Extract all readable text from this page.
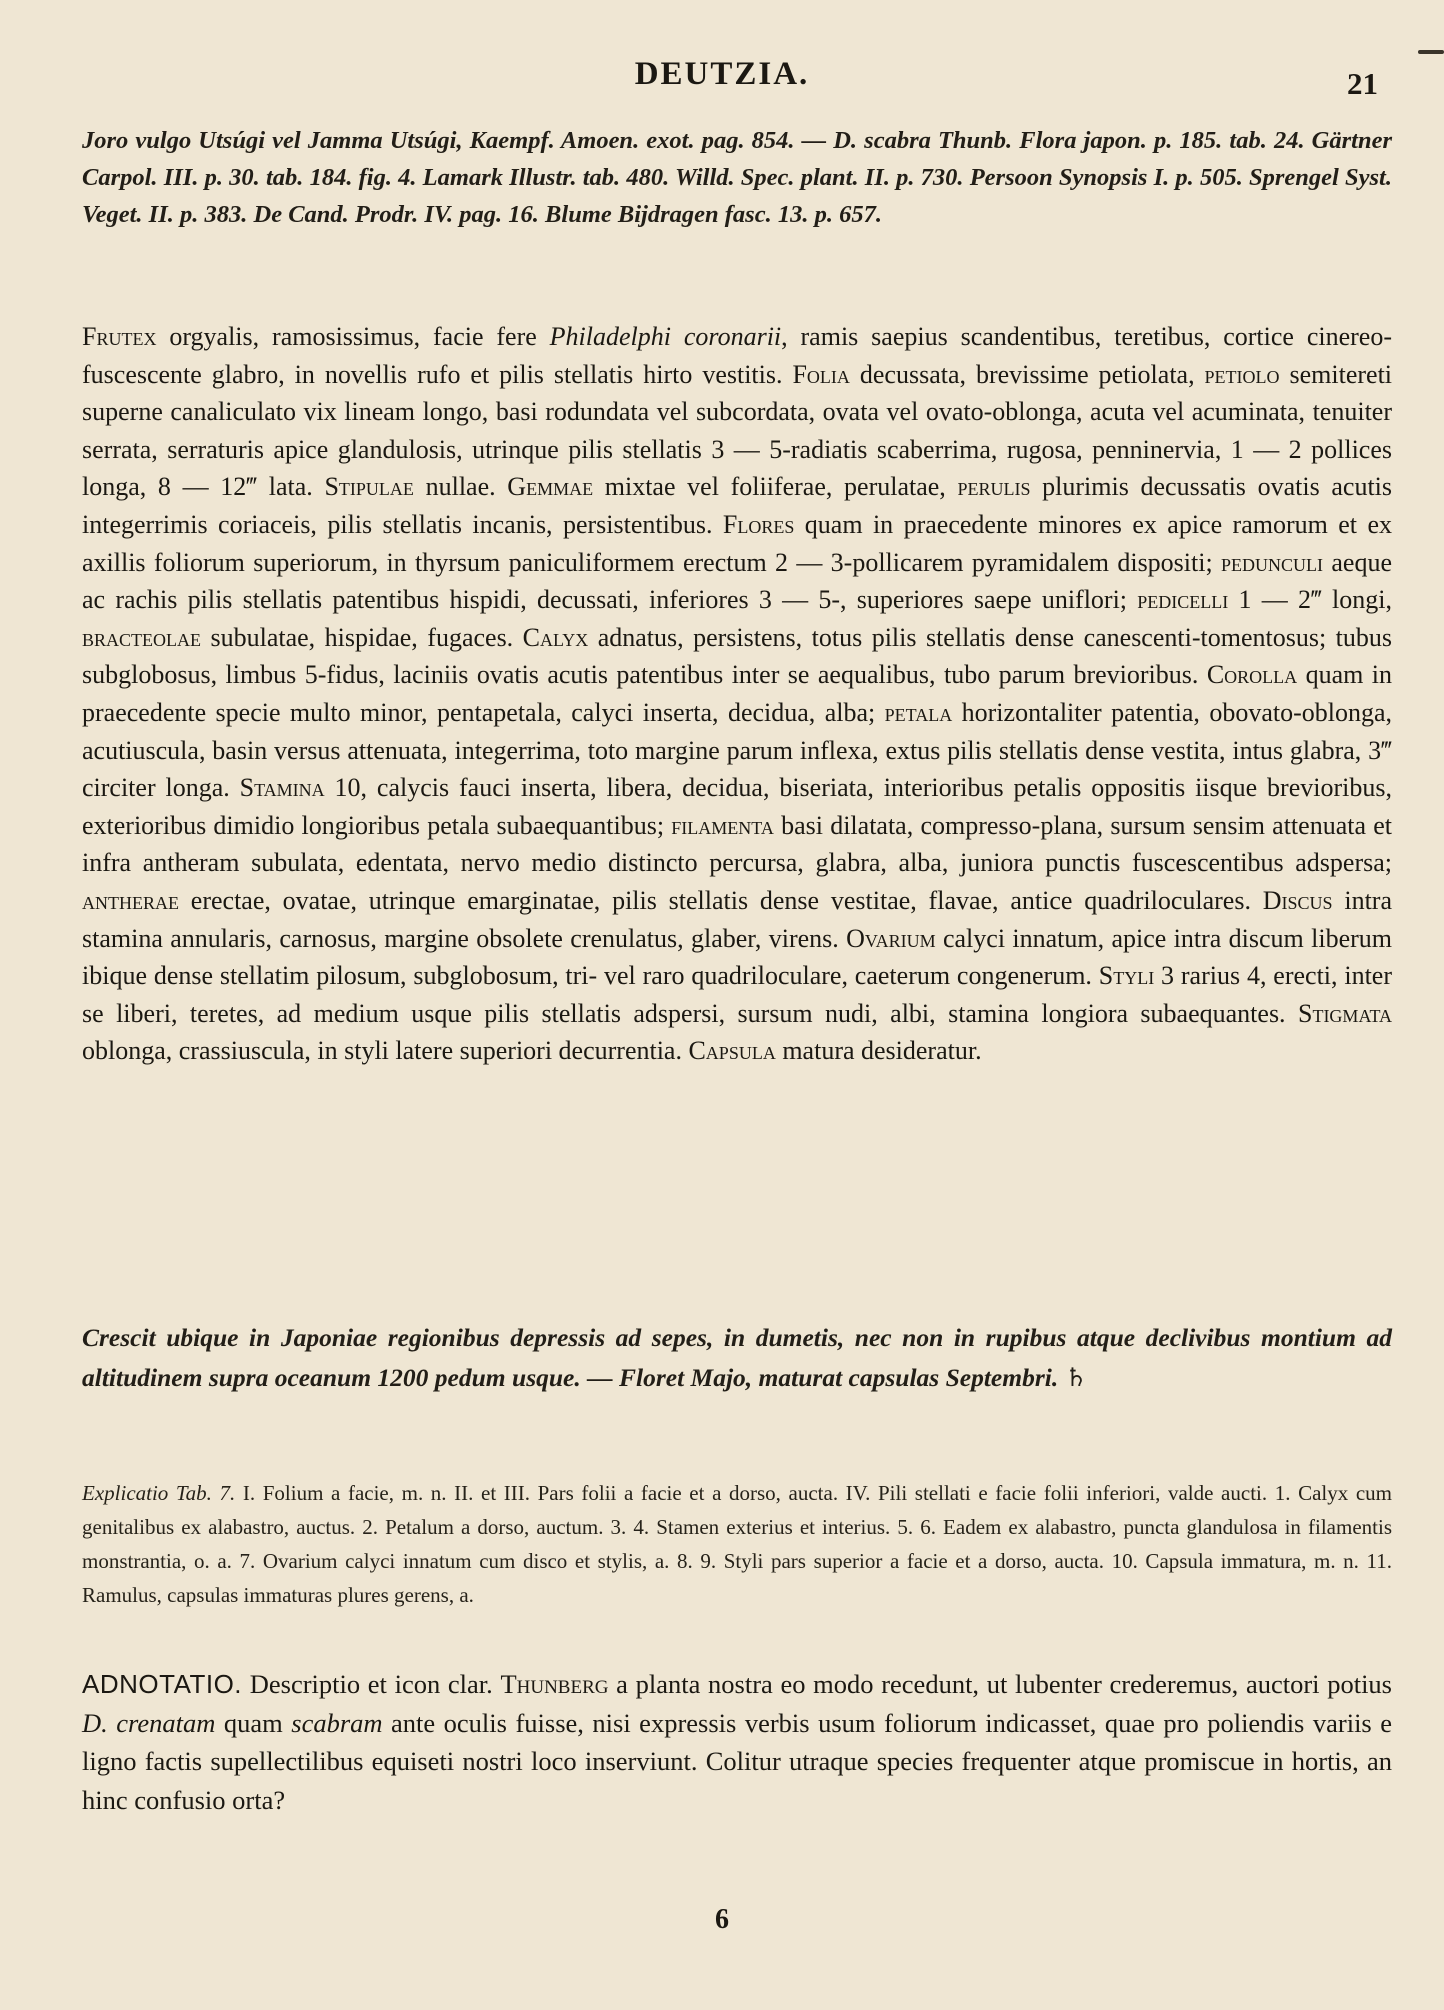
DEUTZIA.	21
Joro vulgo Utsúgi vel Jamma Utsúgi, Kaempf. Amoen. exot. pag. 854. — D. scabra Thunb. Flora japon. p. 185. tab. 24. Gärtner Carpol. III. p. 30. tab. 184. fig. 4. Lamark Illustr. tab. 480. Willd. Spec. plant. II. p. 730. Persoon Synopsis I. p. 505. Sprengel Syst. Veget. II. p. 383. De Cand. Prodr. IV. pag. 16. Blume Bijdragen fasc. 13. p. 657.
Frutex orgyalis, ramosissimus, facie fere Philadelphi coronarii, ramis saepius scandentibus, teretibus, cortice cinereo-fuscescente glabro, in novellis rufo et pilis stellatis hirto vestitis. Folia decussata, brevissime petiolata, petiolo semitereti superne canaliculato vix lineam longo, basi rodundata vel subcordata, ovata vel ovato-oblonga, acuta vel acuminata, tenuiter serrata, serraturis apice glandulosis, utrinque pilis stellatis 3 — 5-radiatis scaberrima, rugosa, penninervia, 1 — 2 pollices longa, 8 — 12‴ lata. Stipulae nullae. Gemmae mixtae vel foliiferae, perulatae, perulis plurimis decussatis ovatis acutis integerrimis coriaceis, pilis stellatis incanis, persistentibus. Flores quam in praecedente minores ex apice ramorum et ex axillis foliorum superiorum, in thyrsum paniculiformem erectum 2 — 3-pollicarem pyramidalem dispositi; pedunculi aeque ac rachis pilis stellatis patentibus hispidi, decussati, inferiores 3 — 5-, superiores saepe uniflori; pedicelli 1 — 2‴ longi, bracteolae subulatae, hispidae, fugaces. Calyx adnatus, persistens, totus pilis stellatis dense canescenti-tomentosus; tubus subglobosus, limbus 5-fidus, laciniis ovatis acutis patentibus inter se aequalibus, tubo parum brevioribus. Corolla quam in praecedente specie multo minor, pentapetala, calyci inserta, decidua, alba; petala horizontaliter patentia, obovato-oblonga, acutiuscula, basin versus attenuata, integerrima, toto margine parum inflexa, extus pilis stellatis dense vestita, intus glabra, 3‴ circiter longa. Stamina 10, calycis fauci inserta, libera, decidua, biseriata, interioribus petalis oppositis iisque brevioribus, exterioribus dimidio longioribus petala subaequantibus; filamenta basi dilatata, compresso-plana, sursum sensim attenuata et infra antheram subulata, edentata, nervo medio distincto percursa, glabra, alba, juniora punctis fuscescentibus adspersa; antherae erectae, ovatae, utrinque emarginatae, pilis stellatis dense vestitae, flavae, antice quadriloculares. Discus intra stamina annularis, carnosus, margine obsolete crenulatus, glaber, virens. Ovarium calyci innatum, apice intra discum liberum ibique dense stellatim pilosum, subglobosum, tri- vel raro quadriloculare, caeterum congenerum. Styli 3 rarius 4, erecti, inter se liberi, teretes, ad medium usque pilis stellatis adspersi, sursum nudi, albi, stamina longiora subaequantes. Stigmata oblonga, crassiuscula, in styli latere superiori decurrentia. Capsula matura desideratur.
Crescit ubique in Japoniae regionibus depressis ad sepes, in dumetis, nec non in rupibus atque declivibus montium ad altitudinem supra oceanum 1200 pedum usque. — Floret Majo, maturat capsulas Septembri. ♄
Explicatio Tab. 7. I. Folium a facie, m. n. II. et III. Pars folii a facie et a dorso, aucta. IV. Pili stellati e facie folii inferiori, valde aucti. 1. Calyx cum genitalibus ex alabastro, auctus. 2. Petalum a dorso, auctum. 3. 4. Stamen exterius et interius. 5. 6. Eadem ex alabastro, puncta glandulosa in filamentis monstrantia, o. a. 7. Ovarium calyci innatum cum disco et stylis, a. 8. 9. Styli pars superior a facie et a dorso, aucta. 10. Capsula immatura, m. n. 11. Ramulus, capsulas immaturas plures gerens, a.
ADNOTATIO. Descriptio et icon clar. Thunberg a planta nostra eo modo recedunt, ut lubenter crederemus, auctori potius D. crenatam quam scabram ante oculis fuisse, nisi expressis verbis usum foliorum indicasset, quae pro poliendis variis e ligno factis supellectilibus equiseti nostri loco inserviunt. Colitur utraque species frequenter atque promiscue in hortis, an hinc confusio orta?
6
